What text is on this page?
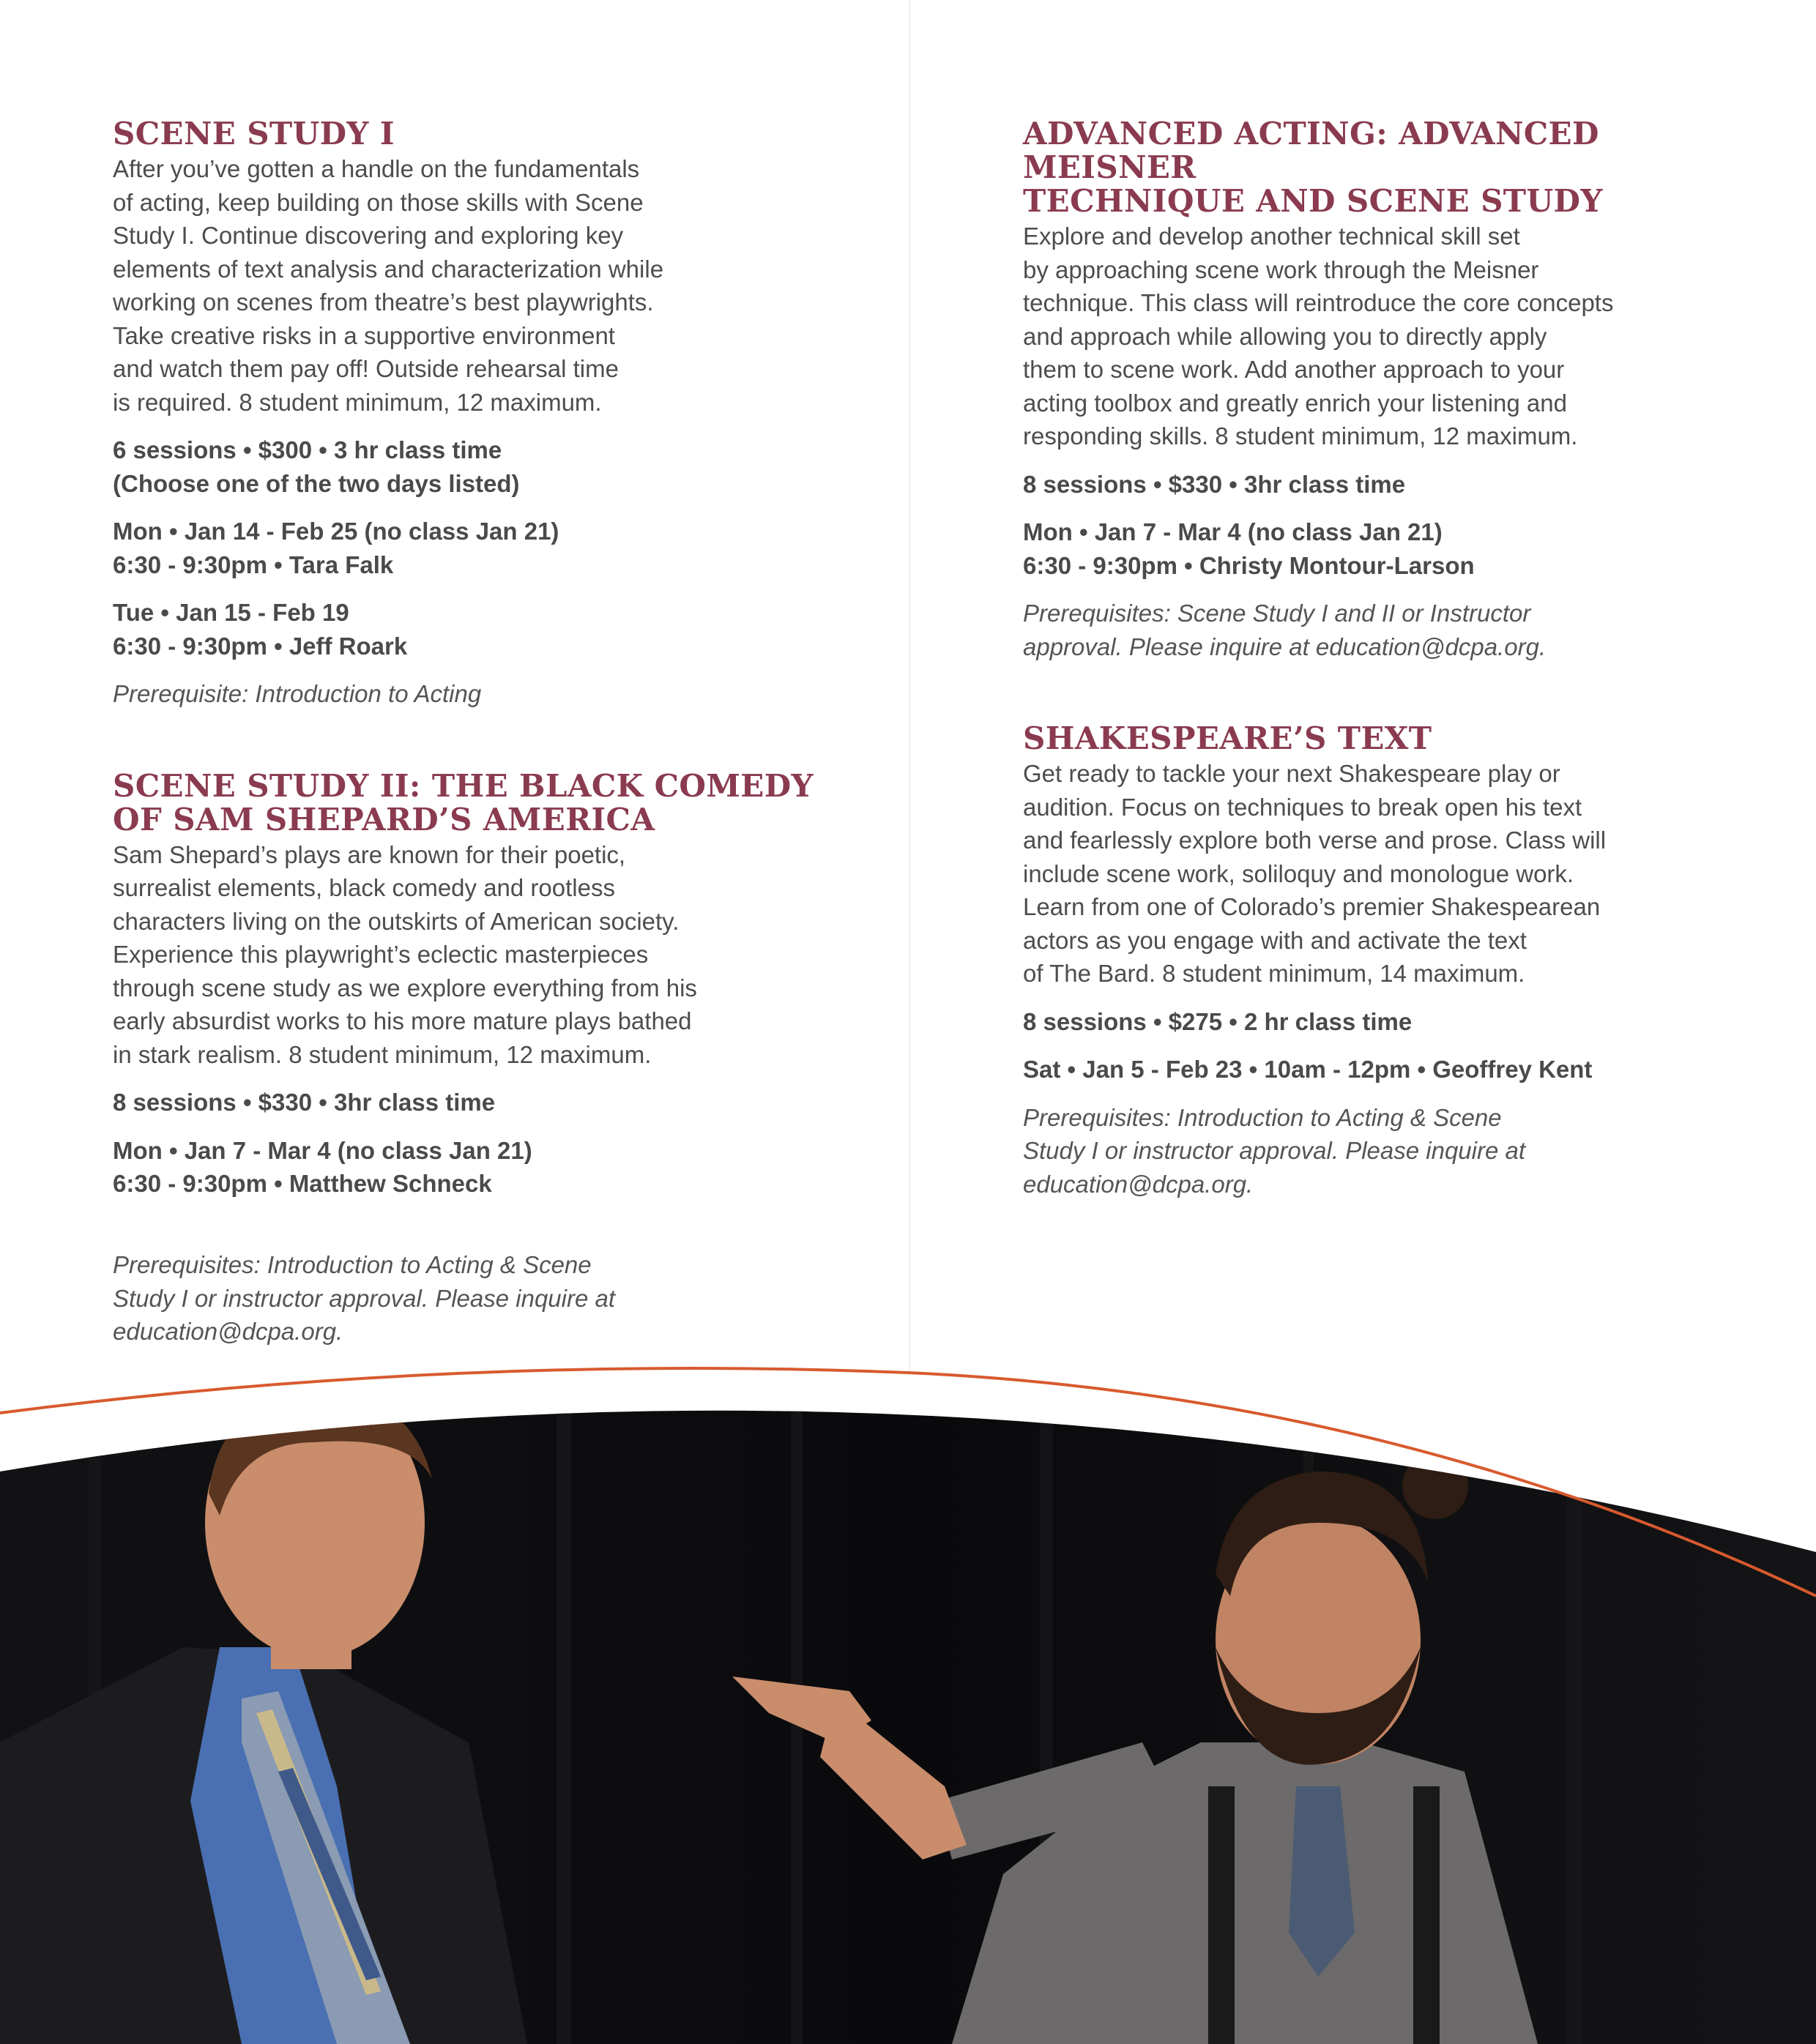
SCENE STUDY I

After you’ve gotten a handle on the fundamentals
of acting, keep building on those skills with Scene
Study I. Continue discovering and exploring key
elements of text analysis and characterization while
working on scenes from theatre’s best playwrights.
Take creative risks in a supportive environment
and watch them pay off! Outside rehearsal time
is required. 8 student minimum, 12 maximum.

6 sessions • $300 • 3 hr class time
(Choose one of the two days listed)

Mon • Jan 14 - Feb 25 (no class Jan 21)
6:30 - 9:30pm • Tara Falk

Tue • Jan 15 - Feb 19
6:30 - 9:30pm • Jeff Roark

Prerequisite: Introduction to Acting

SCENE STUDY II: THE BLACK COMEDY
OF SAM SHEPARD’S AMERICA

Sam Shepard’s plays are known for their poetic,
surrealist elements, black comedy and rootless
characters living on the outskirts of American society.
Experience this playwright’s eclectic masterpieces
through scene study as we explore everything from his
early absurdist works to his more mature plays bathed
in stark realism. 8 student minimum, 12 maximum.

8 sessions • $330 • 3hr class time

Mon • Jan 7 - Mar 4 (no class Jan 21)
6:30 - 9:30pm • Matthew Schneck

Prerequisites: Introduction to Acting & Scene
Study I or instructor approval. Please inquire at
education@dcpa.org.

ADVANCED ACTING: ADVANCED MEISNER
TECHNIQUE AND SCENE STUDY

Explore and develop another technical skill set
by approaching scene work through the Meisner
technique. This class will reintroduce the core concepts
and approach while allowing you to directly apply
them to scene work. Add another approach to your
acting toolbox and greatly enrich your listening and
responding skills. 8 student minimum, 12 maximum.

8 sessions • $330 • 3hr class time

Mon • Jan 7 - Mar 4 (no class Jan 21)
6:30 - 9:30pm • Christy Montour-Larson

Prerequisites: Scene Study I and II or Instructor
approval. Please inquire at education@dcpa.org.

SHAKESPEARE’S TEXT

Get ready to tackle your next Shakespeare play or
audition. Focus on techniques to break open his text
and fearlessly explore both verse and prose. Class will
include scene work, soliloquy and monologue work.
Learn from one of Colorado’s premier Shakespearean
actors as you engage with and activate the text
of The Bard. 8 student minimum, 14 maximum.

8 sessions • $275 • 2 hr class time

Sat • Jan 5 - Feb 23 • 10am - 12pm • Geoffrey Kent

Prerequisites: Introduction to Acting & Scene
Study I or instructor approval. Please inquire at
education@dcpa.org.
